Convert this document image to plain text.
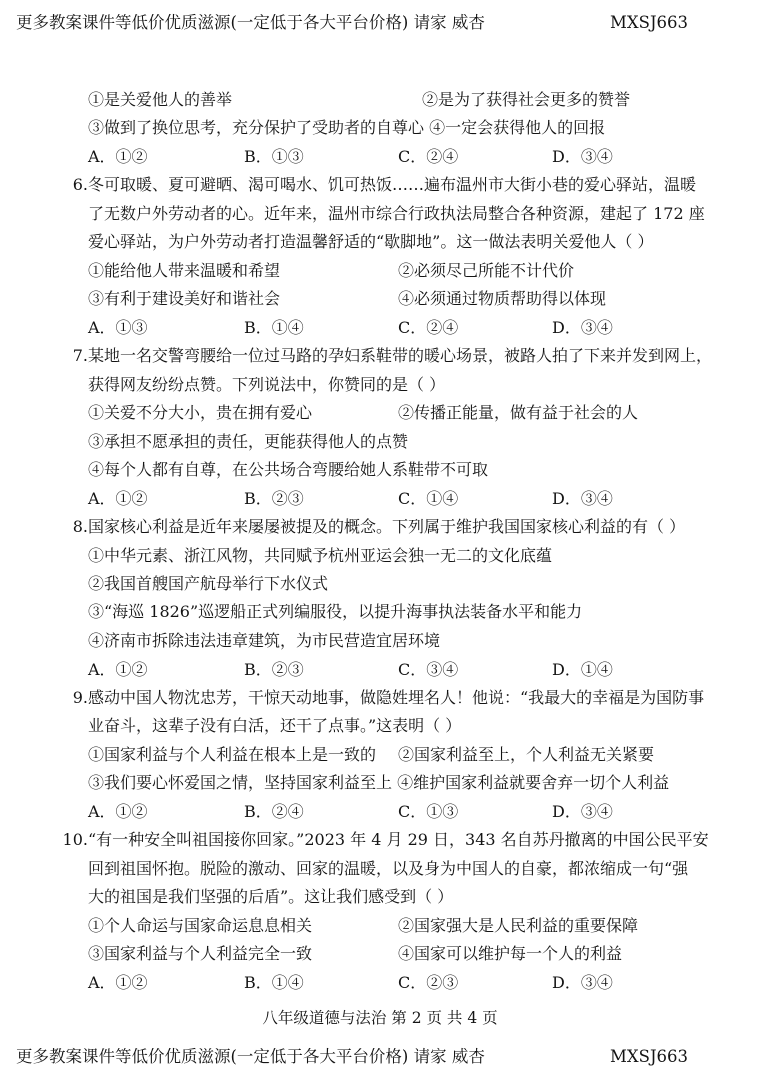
更多教案课件等低价优质滋源(一定低于各大平台价格) 请家 威杏	MXSJ663
①是关爱他人的善举	②是为了获得社会更多的赞誉
③做到了换位思考，充分保护了受助者的自尊心 ④一定会获得他人的回报
A．①②	B．①③	C．②④	D．③④
6. 冬可取暖、夏可避晒、渴可喝水、饥可热饭……遍布温州市大街小巷的爱心驿站，温暖
了无数户外劳动者的心。近年来，温州市综合行政执法局整合各种资源，建起了 172 座
爱心驿站，为户外劳动者打造温馨舒适的“歇脚地”。这一做法表明关爱他人（ ）
①能给他人带来温暖和希望	②必须尽己所能不计代价
③有利于建设美好和谐社会	④必须通过物质帮助得以体现
A．①③	B．①④	C．②④	D．③④
7. 某地一名交警弯腰给一位过马路的孕妇系鞋带的暖心场景，被路人拍了下来并发到网上，
获得网友纷纷点赞。下列说法中，你赞同的是（ ）
①关爱不分大小，贵在拥有爱心	②传播正能量，做有益于社会的人
③承担不愿承担的责任，更能获得他人的点赞
④每个人都有自尊，在公共场合弯腰给她人系鞋带不可取
A．①②	B．②③	C．①④	D．③④
8. 国家核心利益是近年来屡屡被提及的概念。下列属于维护我国国家核心利益的有（ ）
①中华元素、浙江风物，共同赋予杭州亚运会独一无二的文化底蕴
②我国首艘国产航母举行下水仪式
③“海巡 1826”巡逻船正式列编服役，以提升海事执法装备水平和能力
④济南市拆除违法违章建筑，为市民营造宜居环境
A．①②	B．②③	C．③④	D．①④
9. 感动中国人物沈忠芳，干惊天动地事，做隐姓埋名人！他说：“我最大的幸福是为国防事
业奋斗，这辈子没有白活，还干了点事。”这表明（ ）
①国家利益与个人利益在根本上是一致的 ②国家利益至上，个人利益无关紧要
③我们要心怀爱国之情，坚持国家利益至上 ④维护国家利益就要舍弃一切个人利益
A．①②	B．②④	C．①③	D．③④
10. “有一种安全叫祖国接你回家。”2023 年 4 月 29 日，343 名自苏丹撤离的中国公民平安
回到祖国怀抱。脱险的激动、回家的温暖，以及身为中国人的自豪，都浓缩成一句“强
大的祖国是我们坚强的后盾”。这让我们感受到（ ）
①个人命运与国家命运息息相关	②国家强大是人民利益的重要保障
③国家利益与个人利益完全一致	④国家可以维护每一个人的利益
A．①②	B．①④	C．②③	D．③④
八年级道德与法治 第 2 页 共 4 页
更多教案课件等低价优质滋源(一定低于各大平台价格) 请家 威杏	MXSJ663
